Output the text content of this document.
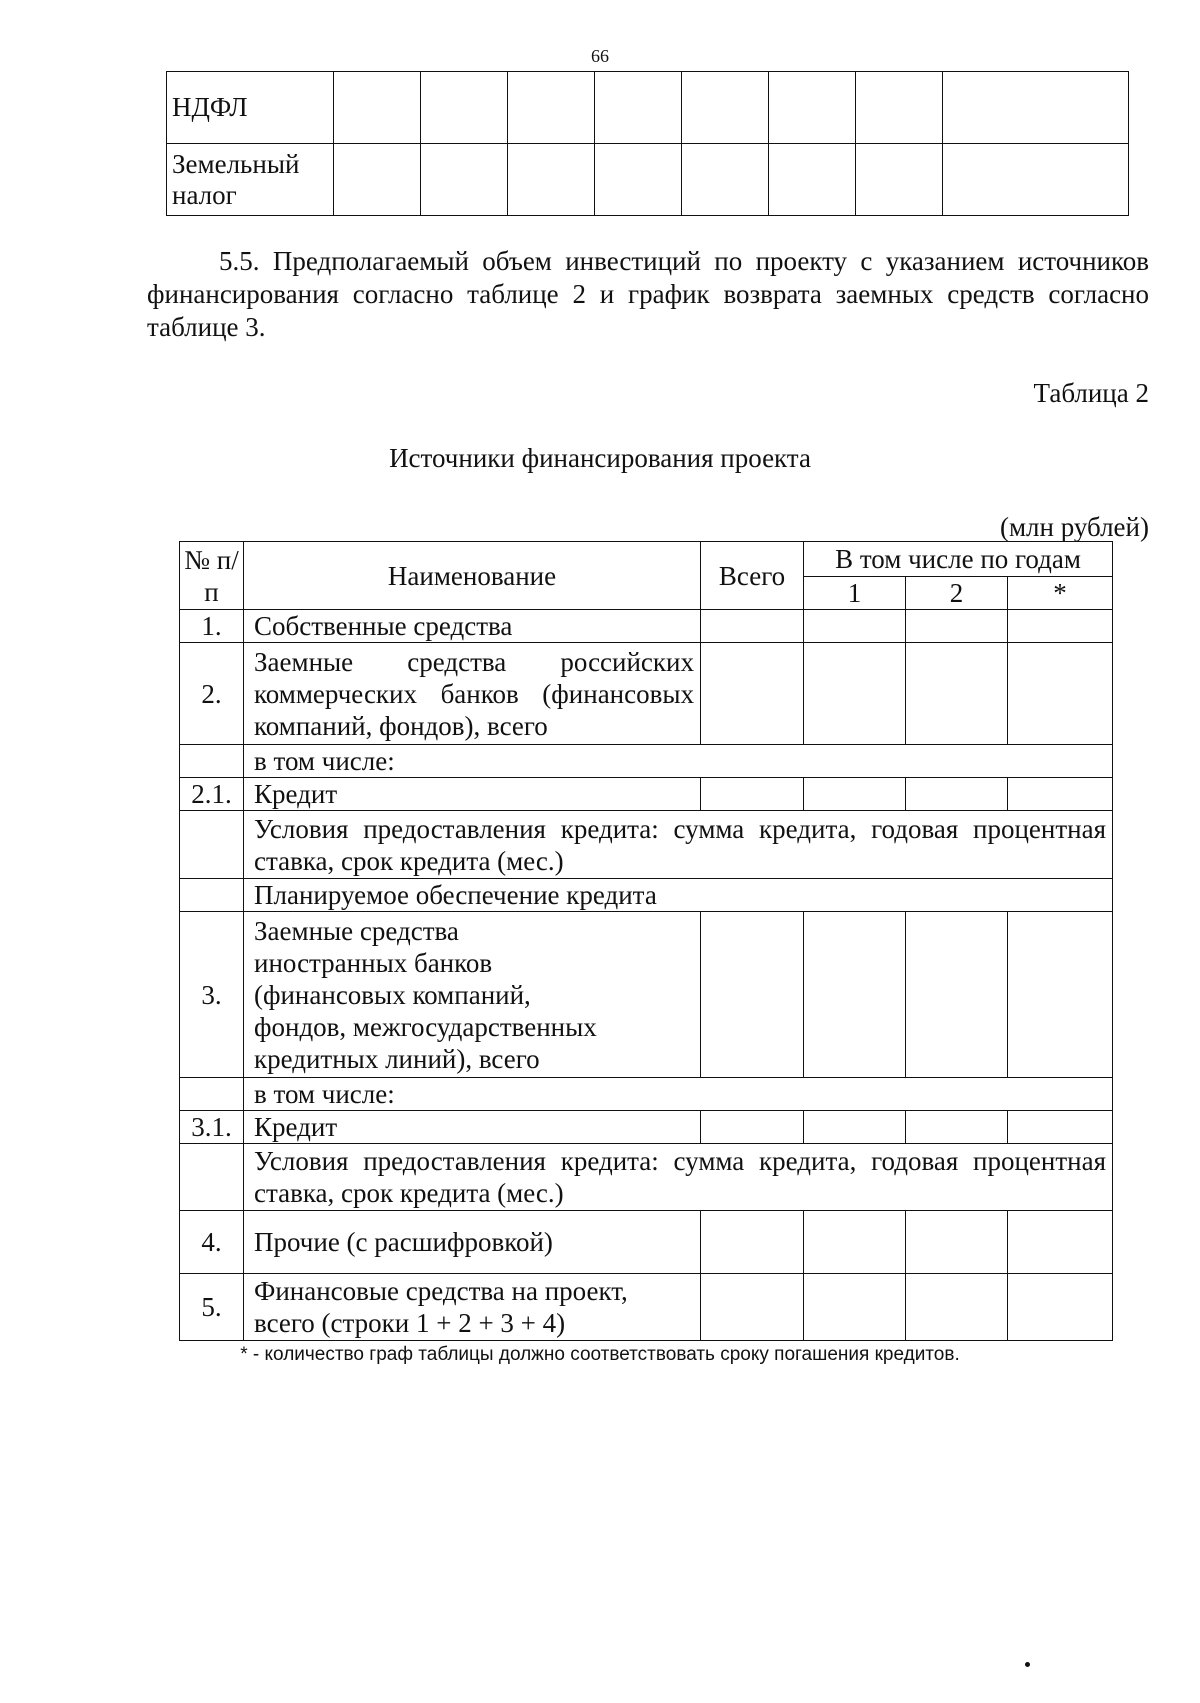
66
НДФЛ								
Земельный налог								

5.5. Предполагаемый объем инвестиций по проекту с указанием источников финансирования согласно таблице 2 и график возврата заемных средств согласно таблице 3.

Таблица 2
Источники финансирования проекта
(млн рублей)
№ п/п	Наименование	Всего	В том числе по годам		
			1	2	*
1.	Собственные средства				
2.	Заемные средства российских коммерческих банков (финансовых компаний, фондов), всего				
	в том числе:				
2.1.	Кредит				
	Условия предоставления кредита: сумма кредита, годовая процентная ставка, срок кредита (мес.)				
	Планируемое обеспечение кредита				
3.	Заемные средства иностранных банков (финансовых компаний, фондов, межгосударственных кредитных линий), всего				
	в том числе:				
3.1.	Кредит				
	Условия предоставления кредита: сумма кредита, годовая процентная ставка, срок кредита (мес.)				
4.	Прочие (с расшифровкой)				
5.	Финансовые средства на проект, всего (строки 1 + 2 + 3 + 4)				
* - количество граф таблицы должно соответствовать сроку погашения кредитов.
